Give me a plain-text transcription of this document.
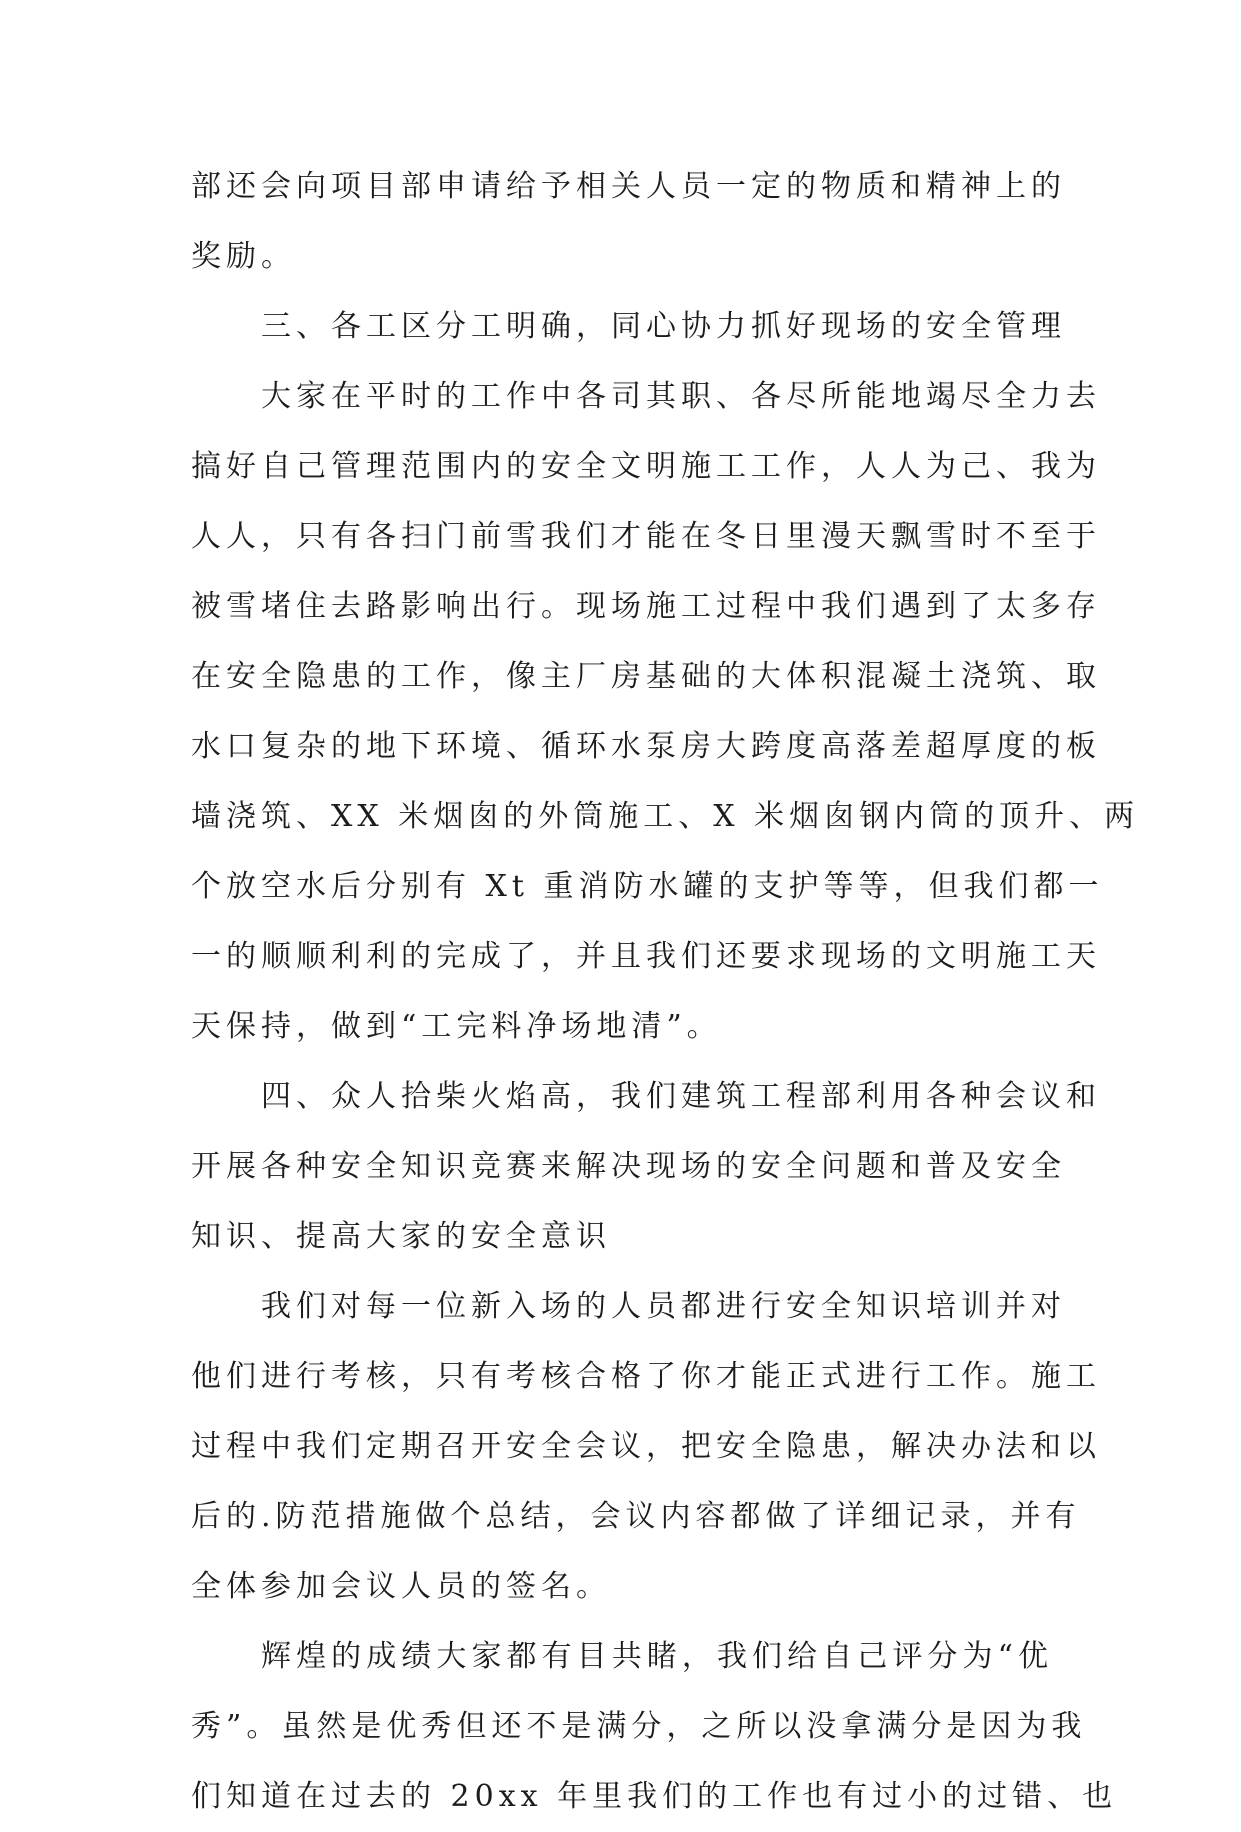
部还会向项目部申请给予相关人员一定的物质和精神上的
奖励。

三、各工区分工明确，同心协力抓好现场的安全管理

大家在平时的工作中各司其职、各尽所能地竭尽全力去
搞好自己管理范围内的安全文明施工工作，人人为己、我为
人人，只有各扫门前雪我们才能在冬日里漫天飘雪时不至于
被雪堵住去路影响出行。现场施工过程中我们遇到了太多存
在安全隐患的工作，像主厂房基础的大体积混凝土浇筑、取
水口复杂的地下环境、循环水泵房大跨度高落差超厚度的板
墙浇筑、XX 米烟囱的外筒施工、X 米烟囱钢内筒的顶升、两
个放空水后分别有 Xt 重消防水罐的支护等等，但我们都一
一的顺顺利利的完成了，并且我们还要求现场的文明施工天
天保持，做到“工完料净场地清”。

四、众人拾柴火焰高，我们建筑工程部利用各种会议和
开展各种安全知识竞赛来解决现场的安全问题和普及安全
知识、提高大家的安全意识

我们对每一位新入场的人员都进行安全知识培训并对
他们进行考核，只有考核合格了你才能正式进行工作。施工
过程中我们定期召开安全会议，把安全隐患，解决办法和以
后的.防范措施做个总结，会议内容都做了详细记录，并有
全体参加会议人员的签名。

辉煌的成绩大家都有目共睹，我们给自己评分为“优
秀”。虽然是优秀但还不是满分，之所以没拿满分是因为我
们知道在过去的 20xx 年里我们的工作也有过小的过错、也
